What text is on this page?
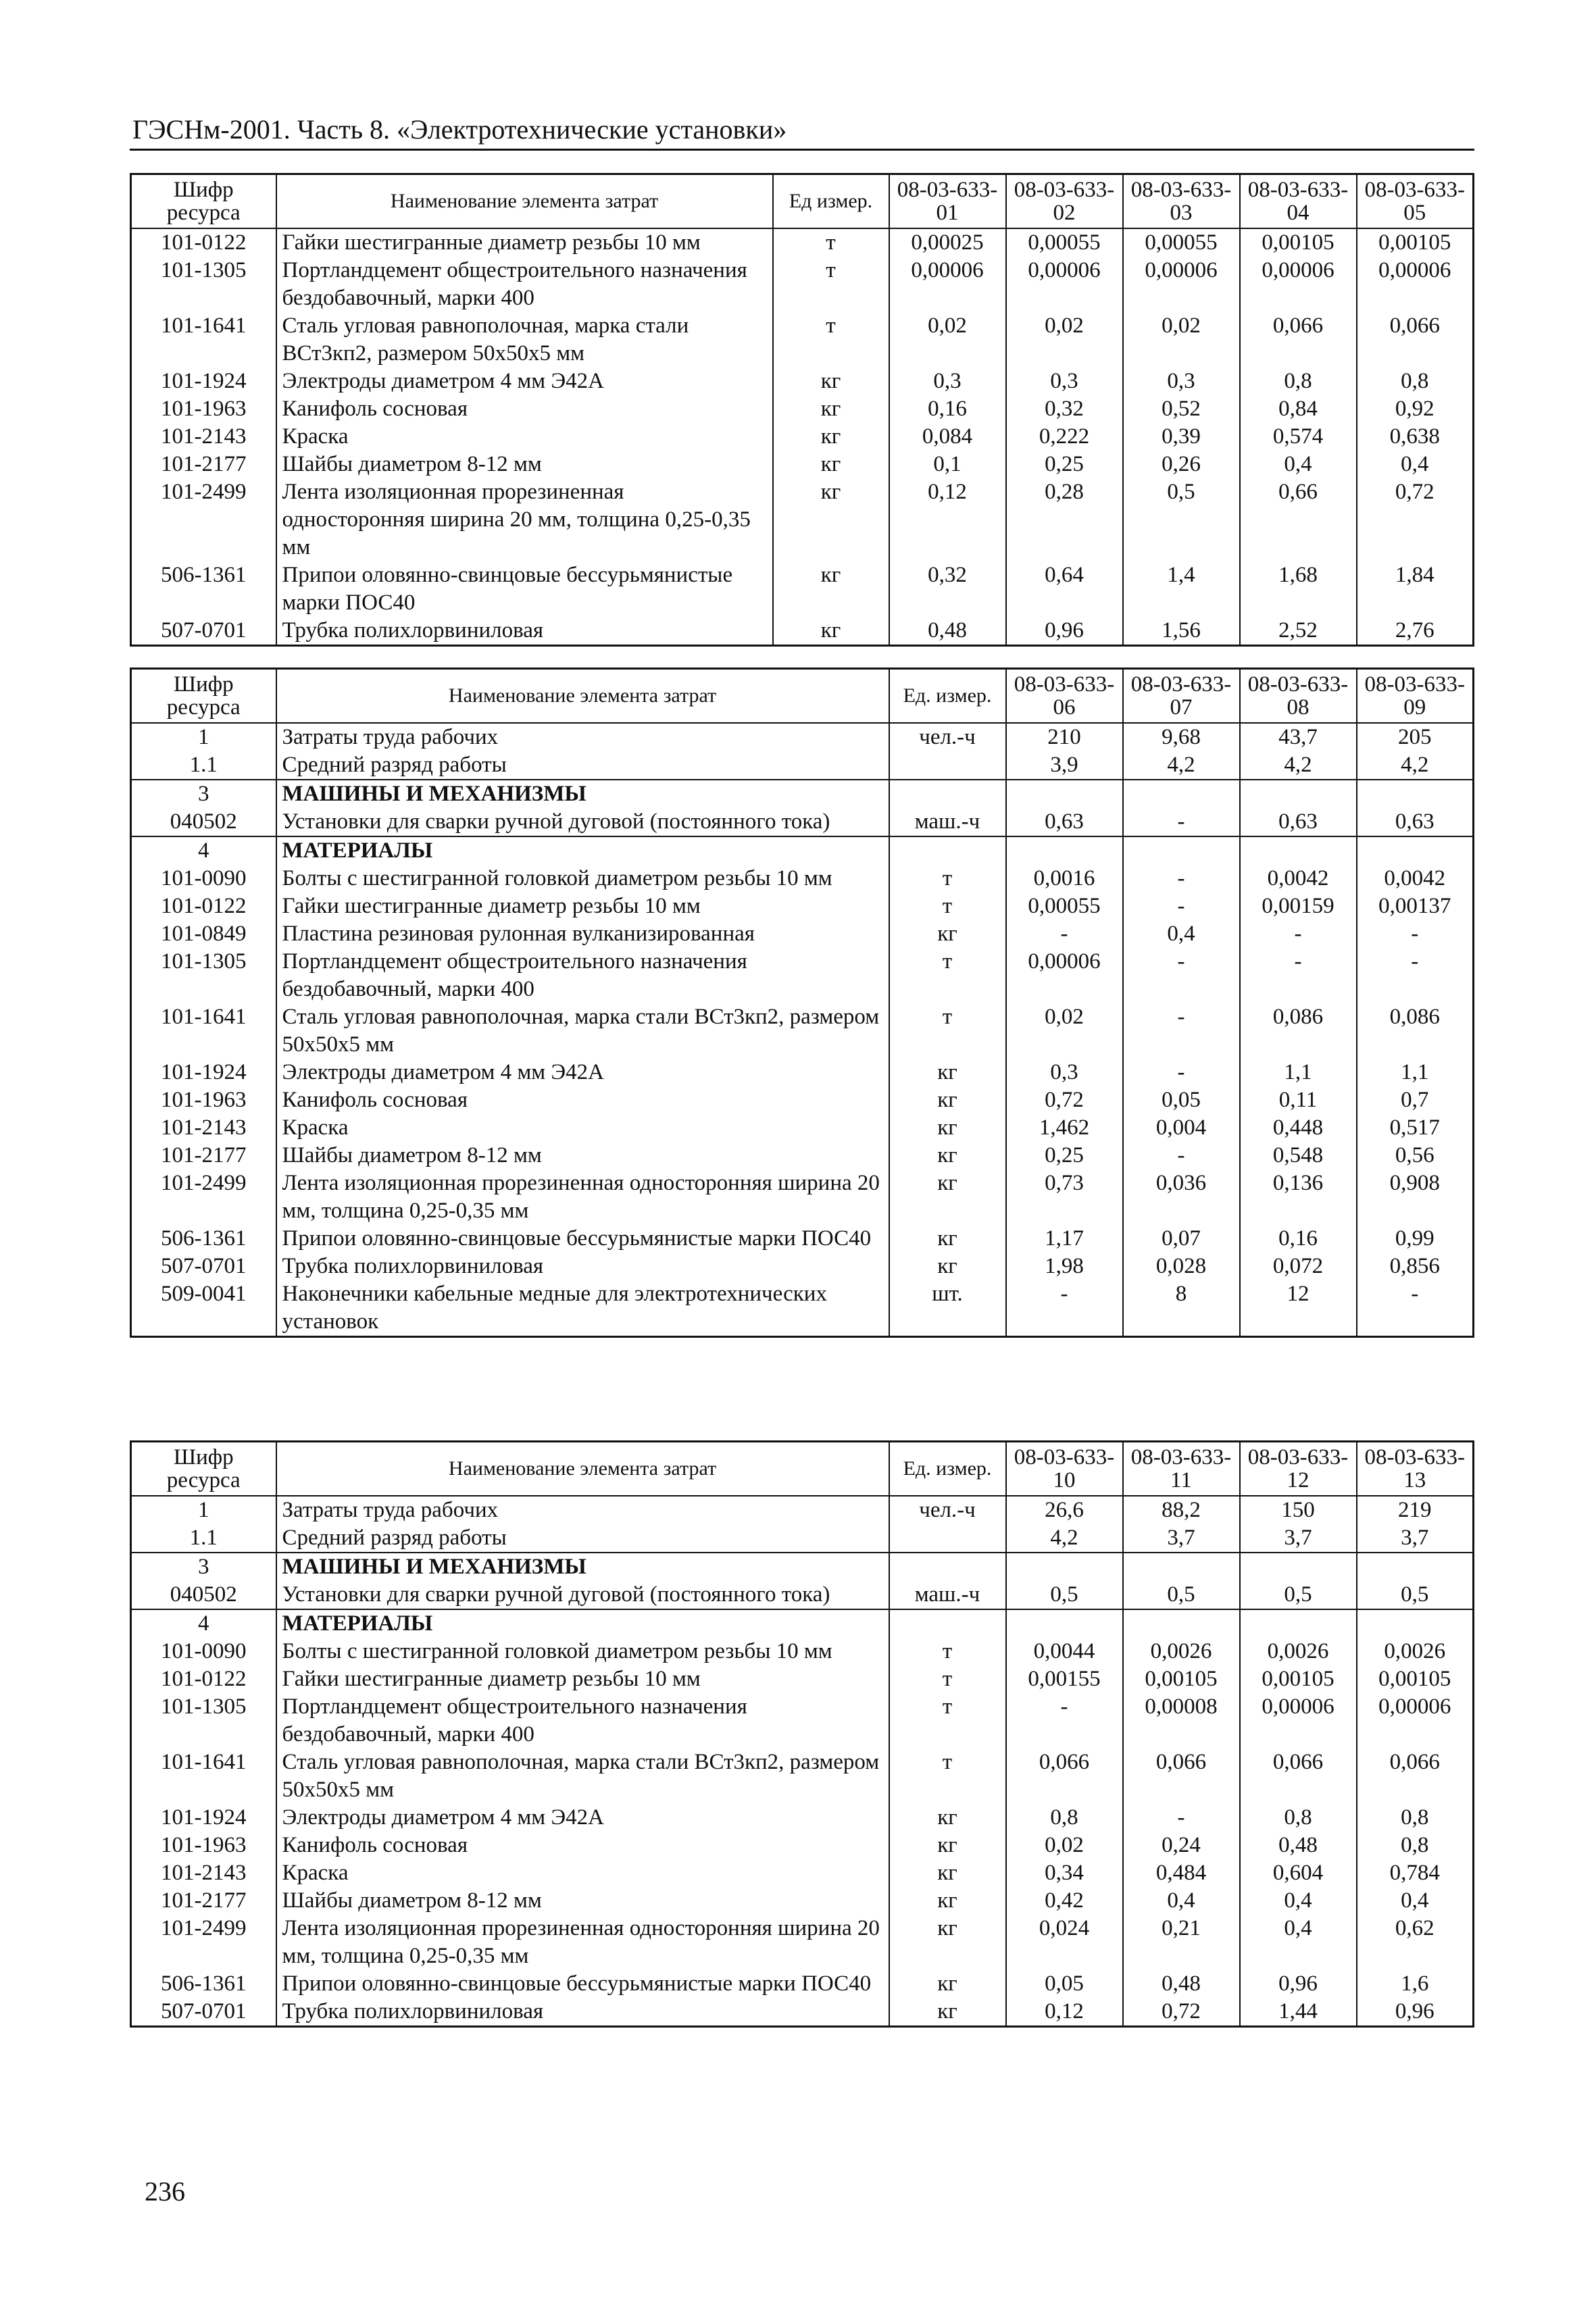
ГЭСНм-2001. Часть 8. «Электротехнические установки»
Шифр ресурса	Наименование элемента затрат	Ед измер.	08-03-633-01	08-03-633-02	08-03-633-03	08-03-633-04	08-03-633-05
101-0122	Гайки шестигранные диаметр резьбы 10 мм	т	0,00025	0,00055	0,00055	0,00105	0,00105
101-1305	Портландцемент общестроительного назначения бездобавочный, марки 400	т	0,00006	0,00006	0,00006	0,00006	0,00006
101-1641	Сталь угловая равнополочная, марка стали ВСт3кп2, размером 50х50х5 мм	т	0,02	0,02	0,02	0,066	0,066
101-1924	Электроды диаметром 4 мм Э42А	кг	0,3	0,3	0,3	0,8	0,8
101-1963	Канифоль сосновая	кг	0,16	0,32	0,52	0,84	0,92
101-2143	Краска	кг	0,084	0,222	0,39	0,574	0,638
101-2177	Шайбы диаметром 8-12 мм	кг	0,1	0,25	0,26	0,4	0,4
101-2499	Лента изоляционная прорезиненная односторонняя ширина 20 мм, толщина 0,25-0,35 мм	кг	0,12	0,28	0,5	0,66	0,72
506-1361	Припои оловянно-свинцовые бессурьмянистые марки ПОС40	кг	0,32	0,64	1,4	1,68	1,84
507-0701	Трубка полихлорвиниловая	кг	0,48	0,96	1,56	2,52	2,76
Шифр ресурса	Наименование элемента затрат	Ед. измер.	08-03-633-06	08-03-633-07	08-03-633-08	08-03-633-09
1	Затраты труда рабочих	чел.-ч	210	9,68	43,7	205
1.1	Средний разряд работы		3,9	4,2	4,2	4,2
3	МАШИНЫ И МЕХАНИЗМЫ					
040502	Установки для сварки ручной дуговой (постоянного тока)	маш.-ч	0,63	-	0,63	0,63
4	МАТЕРИАЛЫ					
101-0090	Болты с шестигранной головкой диаметром резьбы 10 мм	т	0,0016	-	0,0042	0,0042
101-0122	Гайки шестигранные диаметр резьбы 10 мм	т	0,00055	-	0,00159	0,00137
101-0849	Пластина резиновая рулонная вулканизированная	кг	-	0,4	-	-
101-1305	Портландцемент общестроительного назначения бездобавочный, марки 400	т	0,00006	-	-	-
101-1641	Сталь угловая равнополочная, марка стали ВСт3кп2, размером 50х50х5 мм	т	0,02	-	0,086	0,086
101-1924	Электроды диаметром 4 мм Э42А	кг	0,3	-	1,1	1,1
101-1963	Канифоль сосновая	кг	0,72	0,05	0,11	0,7
101-2143	Краска	кг	1,462	0,004	0,448	0,517
101-2177	Шайбы диаметром 8-12 мм	кг	0,25	-	0,548	0,56
101-2499	Лента изоляционная прорезиненная односторонняя ширина 20 мм, толщина 0,25-0,35 мм	кг	0,73	0,036	0,136	0,908
506-1361	Припои оловянно-свинцовые бессурьмянистые марки ПОС40	кг	1,17	0,07	0,16	0,99
507-0701	Трубка полихлорвиниловая	кг	1,98	0,028	0,072	0,856
509-0041	Наконечники кабельные медные для электротехнических установок	шт.	-	8	12	-
Шифр ресурса	Наименование элемента затрат	Ед. измер.	08-03-633-10	08-03-633-11	08-03-633-12	08-03-633-13
1	Затраты труда рабочих	чел.-ч	26,6	88,2	150	219
1.1	Средний разряд работы		4,2	3,7	3,7	3,7
3	МАШИНЫ И МЕХАНИЗМЫ					
040502	Установки для сварки ручной дуговой (постоянного тока)	маш.-ч	0,5	0,5	0,5	0,5
4	МАТЕРИАЛЫ					
101-0090	Болты с шестигранной головкой диаметром резьбы 10 мм	т	0,0044	0,0026	0,0026	0,0026
101-0122	Гайки шестигранные диаметр резьбы 10 мм	т	0,00155	0,00105	0,00105	0,00105
101-1305	Портландцемент общестроительного назначения бездобавочный, марки 400	т	-	0,00008	0,00006	0,00006
101-1641	Сталь угловая равнополочная, марка стали ВСт3кп2, размером 50х50х5 мм	т	0,066	0,066	0,066	0,066
101-1924	Электроды диаметром 4 мм Э42А	кг	0,8	-	0,8	0,8
101-1963	Канифоль сосновая	кг	0,02	0,24	0,48	0,8
101-2143	Краска	кг	0,34	0,484	0,604	0,784
101-2177	Шайбы диаметром 8-12 мм	кг	0,42	0,4	0,4	0,4
101-2499	Лента изоляционная прорезиненная односторонняя ширина 20 мм, толщина 0,25-0,35 мм	кг	0,024	0,21	0,4	0,62
506-1361	Припои оловянно-свинцовые бессурьмянистые марки ПОС40	кг	0,05	0,48	0,96	1,6
507-0701	Трубка полихлорвиниловая	кг	0,12	0,72	1,44	0,96
236
